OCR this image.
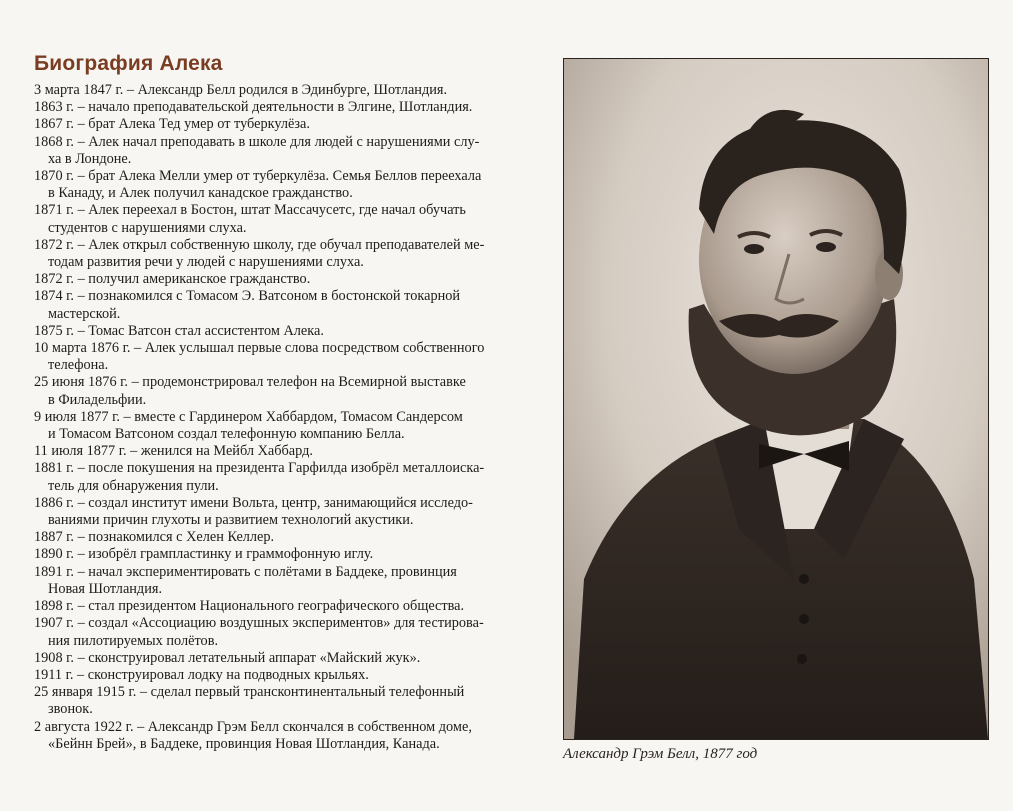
Биография Алека

3 марта 1847 г. – Александр Белл родился в Эдинбурге, Шотландия.

1863 г. – начало преподавательской деятельности в Элгине, Шотландия.

1867 г. – брат Алека Тед умер от туберкулёза.

1868 г. – Алек начал преподавать в школе для людей с нарушениями слу-
ха в Лондоне.

1870 г. – брат Алека Мелли умер от туберкулёза. Семья Беллов переехала
в Канаду, и Алек получил канадское гражданство.

1871 г. – Алек переехал в Бостон, штат Массачусетс, где начал обучать
студентов с нарушениями слуха.

1872 г. – Алек открыл собственную школу, где обучал преподавателей ме-
тодам развития речи у людей с нарушениями слуха.

1872 г. – получил американское гражданство.

1874 г. – познакомился с Томасом Э. Ватсоном в бостонской токарной
мастерской.

1875 г. – Томас Ватсон стал ассистентом Алека.

10 марта 1876 г. – Алек услышал первые слова посредством собственного
телефона.

25 июня 1876 г. – продемонстрировал телефон на Всемирной выставке
в Филадельфии.

9 июля 1877 г. – вместе с Гардинером Хаббардом, Томасом Сандерсом
и Томасом Ватсоном создал телефонную компанию Белла.

11 июля 1877 г. – женился на Мейбл Хаббард.

1881 г. – после покушения на президента Гарфилда изобрёл металлоиска-
тель для обнаружения пули.

1886 г. – создал институт имени Вольта, центр, занимающийся исследо-
ваниями причин глухоты и развитием технологий акустики.

1887 г. – познакомился с Хелен Келлер.

1890 г. – изобрёл грампластинку и граммофонную иглу.

1891 г. – начал экспериментировать с полётами в Баддеке, провинция
Новая Шотландия.

1898 г. – стал президентом Национального географического общества.

1907 г. – создал «Ассоциацию воздушных экспериментов» для тестирова-
ния пилотируемых полётов.

1908 г. – сконструировал летательный аппарат «Майский жук».

1911 г. – сконструировал лодку на подводных крыльях.

25 января 1915 г. – сделал первый трансконтинентальный телефонный
звонок.

2 августа 1922 г. – Александр Грэм Белл скончался в собственном доме,
«Бейнн Брей», в Баддеке, провинция Новая Шотландия, Канада.

Александр Грэм Белл, 1877 год
